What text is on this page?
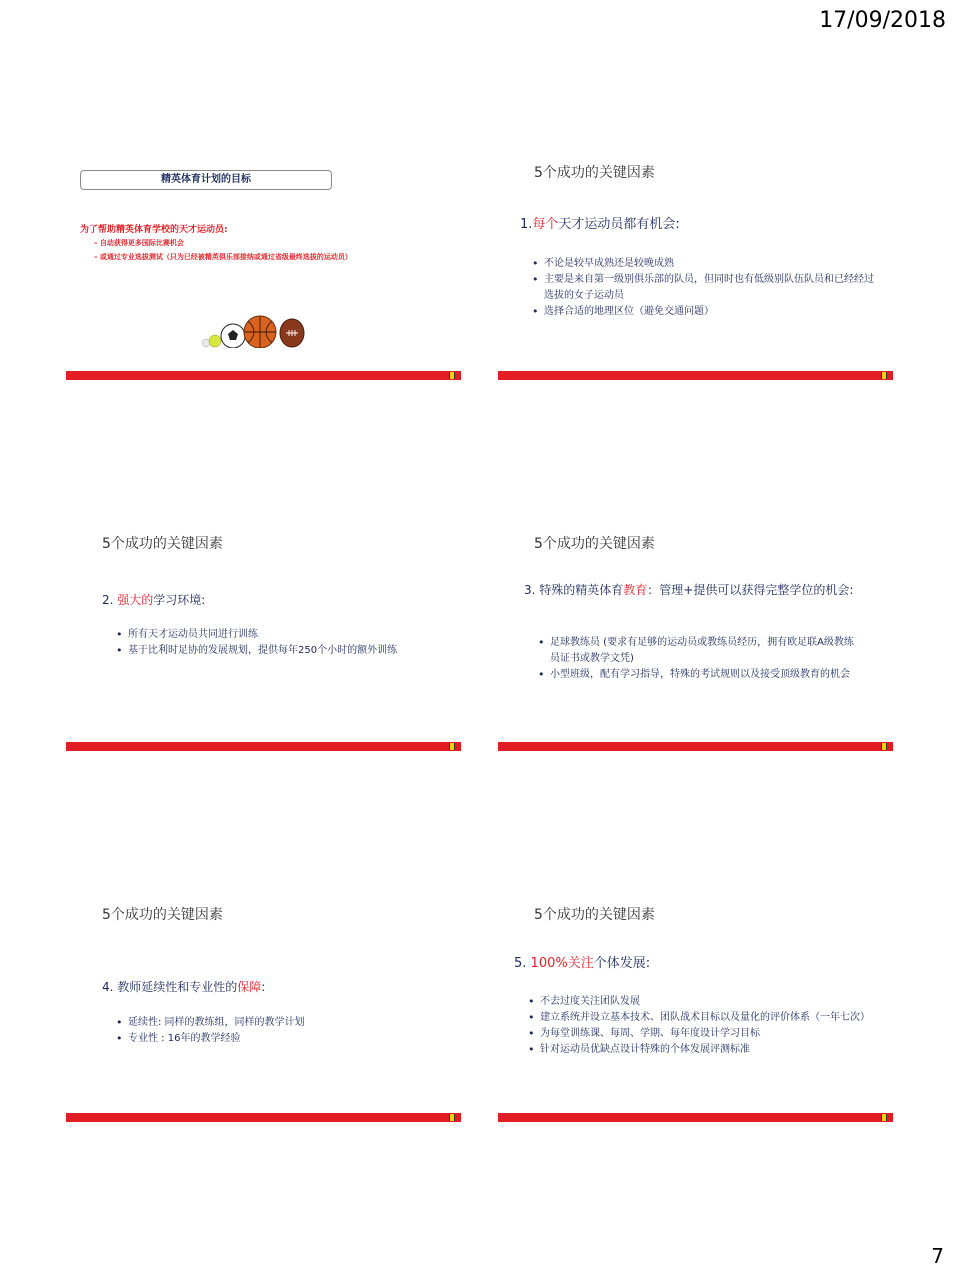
17/09/2018
精英体育计划的目标
为了帮助精英体育学校的天才运动员:
– 自动获得更多国际比赛机会
– 或通过专业选拔测试（只为已经被精英俱乐部接纳或通过省级最终选拔的运动员）
5个成功的关键因素
1.每个天才运动员都有机会:
• 不论是较早成熟还是较晚成熟
• 主要是来自第一级别俱乐部的队员，但同时也有低级别队伍队员和已经经过选拔的女子运动员
• 选择合适的地理区位（避免交通问题）
5个成功的关键因素
2. 强大的学习环境:
• 所有天才运动员共同进行训练
• 基于比利时足协的发展规划，提供每年250个小时的额外训练
5个成功的关键因素
3. 特殊的精英体育教育：管理+提供可以获得完整学位的机会:
• 足球教练员 (要求有足够的运动员或教练员经历，拥有欧足联A级教练员证书或教学文凭)
• 小型班级，配有学习指导，特殊的考试规则以及接受顶级教育的机会
5个成功的关键因素
4. 教师延续性和专业性的保障:
• 延续性: 同样的教练组，同样的教学计划
• 专业性 : 16年的教学经验
5个成功的关键因素
5. 100%关注个体发展:
• 不去过度关注团队发展
• 建立系统并设立基本技术、团队战术目标以及量化的评价体系（一年七次）
• 为每堂训练课、每周、学期、每年度设计学习目标
• 针对运动员优缺点设计特殊的个体发展评测标准
7
